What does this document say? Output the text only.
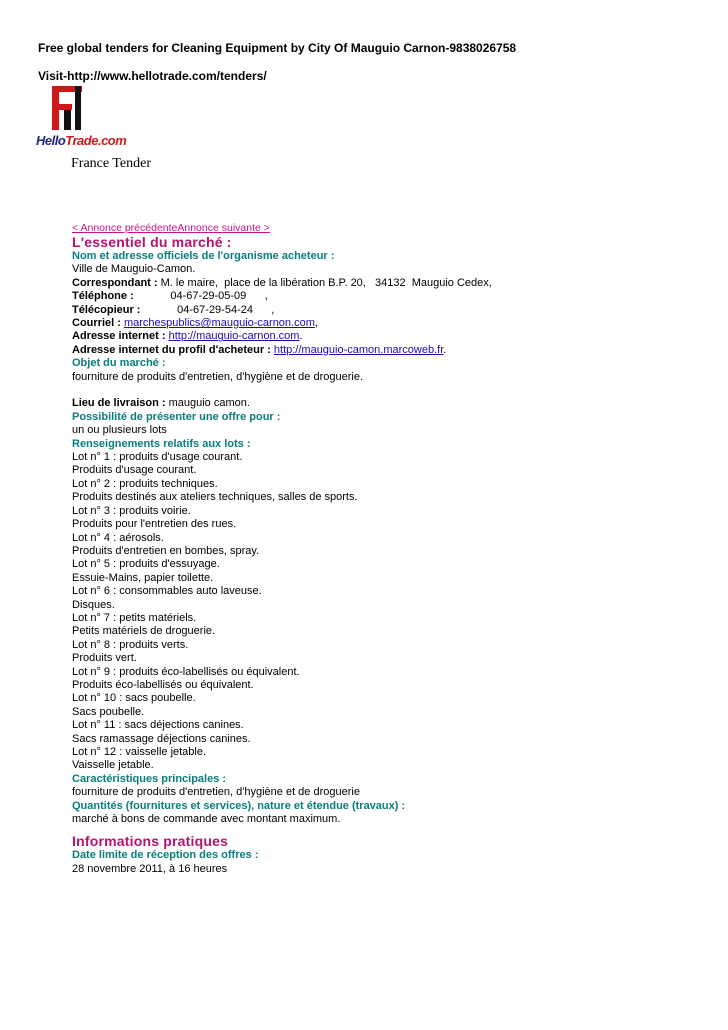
Free global tenders for Cleaning Equipment by City Of Mauguio Carnon-9838026758
Visit-http://www.hellotrade.com/tenders/
HelloTrade.com
France Tender
< Annonce précédenteAnnonce suivante >
L'essentiel du marché :
Nom et adresse officiels de l'organisme acheteur :
Ville de Mauguio-Camon.
Correspondant : M. le maire,  place de la libération B.P. 20,   34132  Mauguio Cedex,
Téléphone :            04-67-29-05-09      ,
Télécopieur :            04-67-29-54-24      ,
Courriel : marchespublics@mauguio-carnon.com,
Adresse internet : http://mauguio-carnon.com.
Adresse internet du profil d'acheteur : http://mauguio-camon.marcoweb.fr.
Objet du marché :
fourniture de produits d'entretien, d'hygiène et de droguerie.
Lieu de livraison : mauguio camon.
Possibilité de présenter une offre pour :
un ou plusieurs lots
Renseignements relatifs aux lots :
Lot n° 1 : produits d'usage courant.
Produits d'usage courant.
Lot n° 2 : produits techniques.
Produits destinés aux ateliers techniques, salles de sports.
Lot n° 3 : produits voirie.
Produits pour l'entretien des rues.
Lot n° 4 : aérosols.
Produits d'entretien en bombes, spray.
Lot n° 5 : produits d'essuyage.
Essuie-Mains, papier toilette.
Lot n° 6 : consommables auto laveuse.
Disques.
Lot n° 7 : petits matériels.
Petits matériels de droguerie.
Lot n° 8 : produits verts.
Produits vert.
Lot n° 9 : produits éco-labellisés ou équivalent.
Produits éco-labellisés ou équivalent.
Lot n° 10 : sacs poubelle.
Sacs poubelle.
Lot n° 11 : sacs déjections canines.
Sacs ramassage déjections canines.
Lot n° 12 : vaisselle jetable.
Vaisselle jetable.
Caractéristiques principales :
fourniture de produits d'entretien, d'hygiène et de droguerie
Quantités (fournitures et services), nature et étendue (travaux) :
marché à bons de commande avec montant maximum.
Informations pratiques
Date limite de réception des offres :
28 novembre 2011, à 16 heures
